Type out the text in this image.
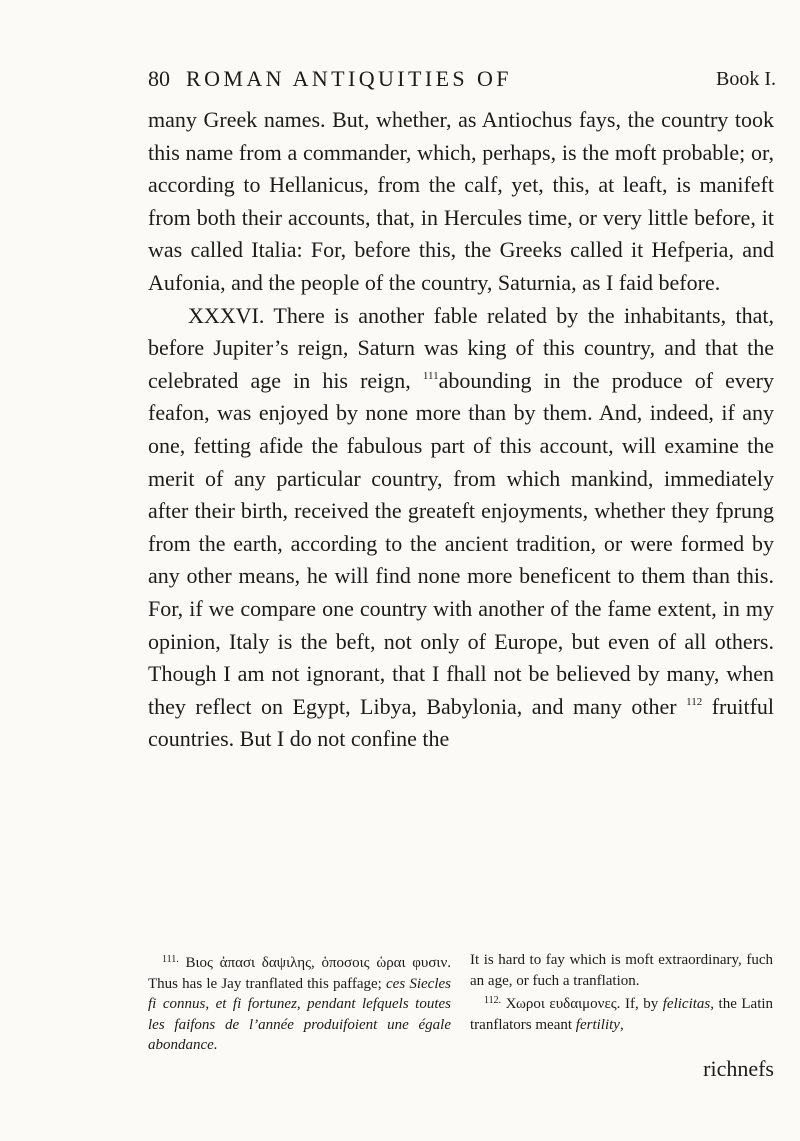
80 ROMAN ANTIQUITIES OF	Book I.

many Greek names. But, whether, as Antiochus fays, the country took this name from a commander, which, perhaps, is the moft probable; or, according to Hellanicus, from the calf, yet, this, at leaft, is manifeft from both their accounts, that, in Hercules time, or very little before, it was called Italia: For, before this, the Greeks called it Hefperia, and Aufonia, and the people of the country, Saturnia, as I faid before.

XXXVI. There is another fable related by the inhabitants, that, before Jupiter’s reign, Saturn was king of this country, and that the celebrated age in his reign, $^{111}$abounding in the produce of every feafon, was enjoyed by none more than by them. And, indeed, if any one, fetting afide the fabulous part of this account, will examine the merit of any particular country, from which mankind, immediately after their birth, received the greateft enjoyments, whether they fprung from the earth, according to the ancient tradition, or were formed by any other means, he will find none more beneficent to them than this. For, if we compare one country with another of the fame extent, in my opinion, Italy is the beft, not only of Europe, but even of all others. Though I am not ignorant, that I fhall not be believed by many, when they reflect on Egypt, Libya, Babylonia, and many other $^{112}$ fruitful countries. But I do not confine the

$^{111.}$ Βιος ἀπασι δαψιλης, ὁποσοις ὡραι φυσιν. Thus has le Jay tranflated this paffage; ces Siecles fi connus, et fi fortunez, pendant lefquels toutes les faifons de l’année produifoient une égale abondance.

It is hard to fay which is moft extraordinary, fuch an age, or fuch a tranflation.

$^{112.}$ Χωροι ευδαιμονες. If, by felicitas, the Latin tranflators meant fertility,

richnefs
